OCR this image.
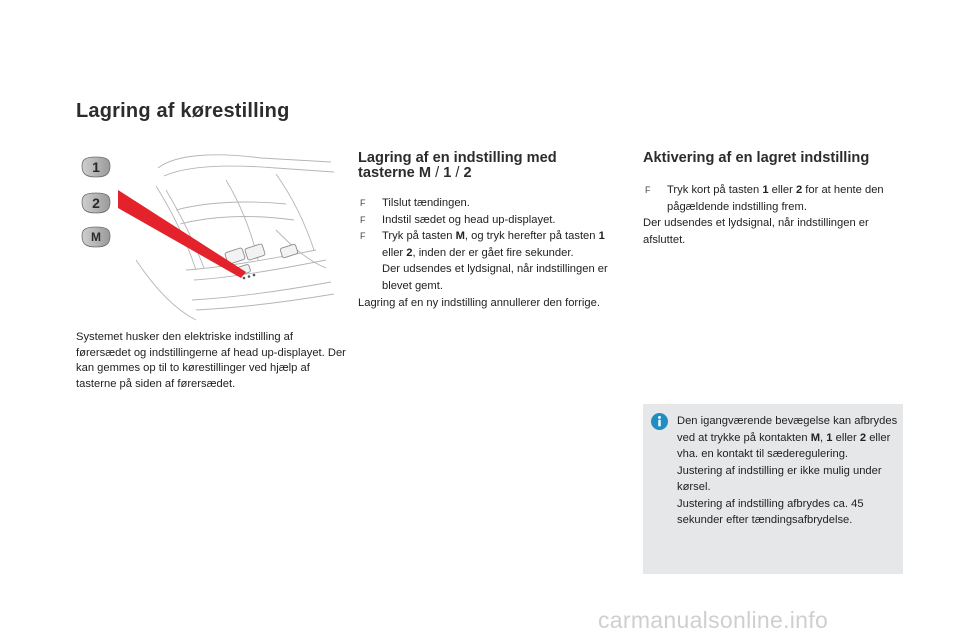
Lagring af kørestilling
1
2
M
Systemet husker den elektriske indstilling af førersædet og indstillingerne af head up-displayet. Der kan gemmes op til to kørestillinger ved hjælp af tasterne på siden af førersædet.
Lagring af en indstilling med
tasterne M / 1 / 2
F Tilslut tændingen.
F Indstil sædet og head up-displayet.
F Tryk på tasten M, og tryk herefter på tasten 1 eller 2, inden der er gået fire sekunder.
Der udsendes et lydsignal, når indstillingen er blevet gemt.
Lagring af en ny indstilling annullerer den forrige.
Aktivering af en lagret indstilling
F Tryk kort på tasten 1 eller 2 for at hente den pågældende indstilling frem.
Der udsendes et lydsignal, når indstillingen er afsluttet.
Den igangværende bevægelse kan afbrydes ved at trykke på kontakten M, 1 eller 2 eller vha. en kontakt til sæderegulering.
Justering af indstilling er ikke mulig under kørsel.
Justering af indstilling afbrydes ca. 45 sekunder efter tændingsafbrydelse.
carmanualsonline.info
